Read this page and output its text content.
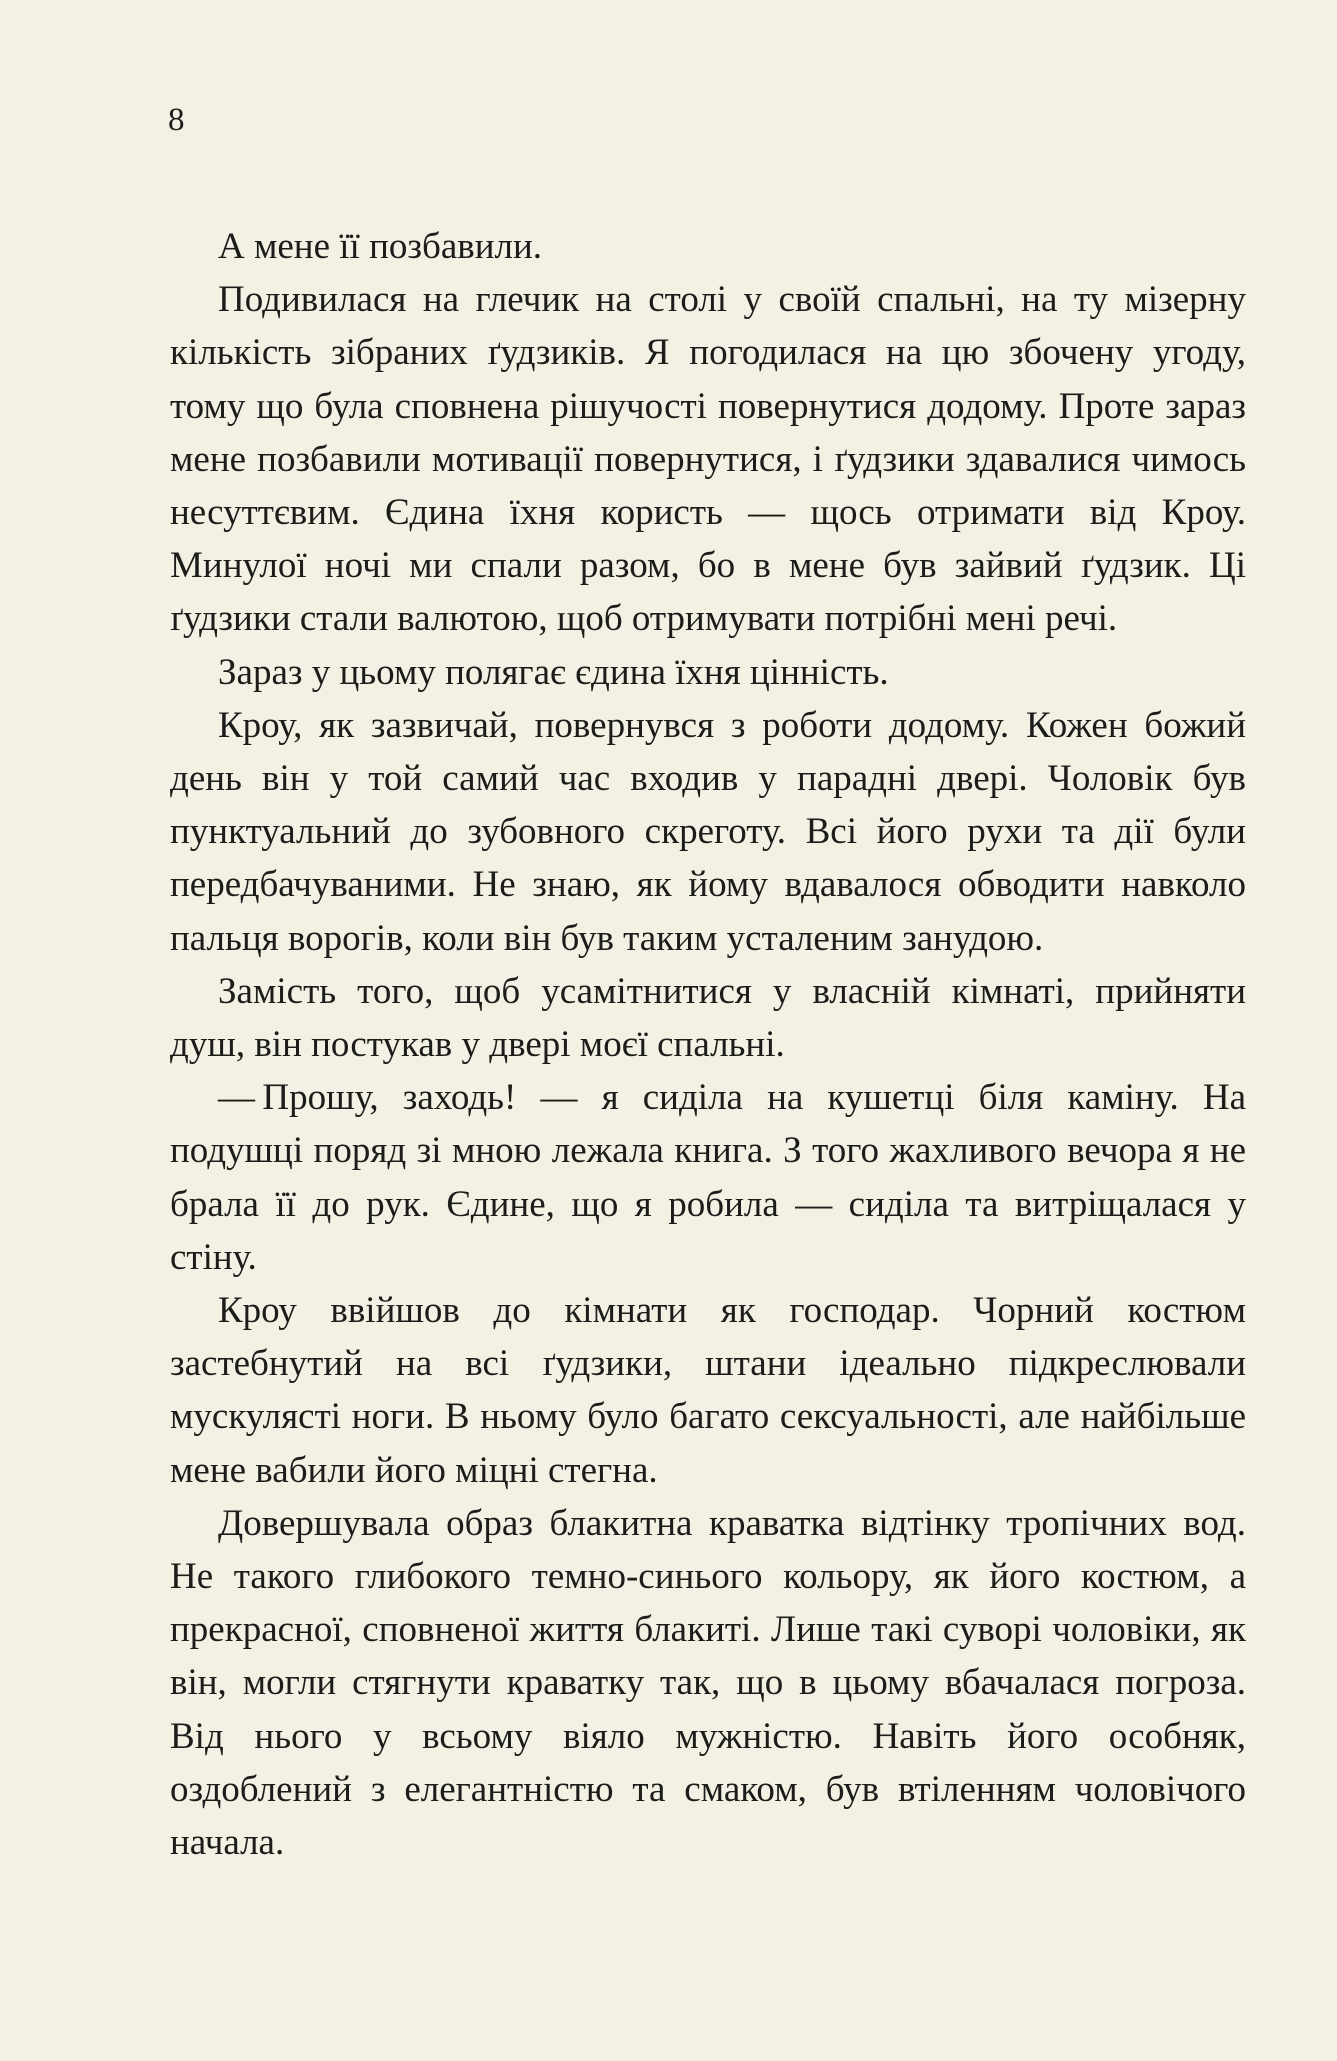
8

А мене її позбавили.

Подивилася на глечик на столі у своїй спальні, на ту мізерну кількість зібраних ґудзиків. Я погодилася на цю збочену угоду, тому що була сповнена рішучості повернутися додому. Проте зараз мене позбавили мотивації повернутися, і ґудзики здавалися чимось несуттєвим. Єдина їхня користь — щось отримати від Кроу. Минулої ночі ми спали разом, бо в мене був зайвий ґудзик. Ці ґудзики стали валютою, щоб отримувати потрібні мені речі.

Зараз у цьому полягає єдина їхня цінність.

Кроу, як зазвичай, повернувся з роботи додому. Кожен божий день він у той самий час входив у парадні двері. Чоловік був пунктуальний до зубовного скреготу. Всі його рухи та дії були передбачуваними. Не знаю, як йому вдавалося обводити навколо пальця ворогів, коли він був таким усталеним занудою.

Замість того, щоб усамітнитися у власній кімнаті, прийняти душ, він постукав у двері моєї спальні.

— Прошу, заходь! — я сиділа на кушетці біля каміну. На подушці поряд зі мною лежала книга. З того жахливого вечора я не брала її до рук. Єдине, що я робила — сиділа та витріщалася у стіну.

Кроу ввійшов до кімнати як господар. Чорний костюм застебнутий на всі ґудзики, штани ідеально підкреслювали мускулясті ноги. В ньому було багато сексуальності, але найбільше мене вабили його міцні стегна.

Довершувала образ блакитна краватка відтінку тропічних вод. Не такого глибокого темно-синього кольору, як його костюм, а прекрасної, сповненої життя блакиті. Лише такі суворі чоловіки, як він, могли стягнути краватку так, що в цьому вбачалася погроза. Від нього у всьому віяло мужністю. Навіть його особняк, оздоблений з елегантністю та смаком, був втіленням чоловічого начала.
